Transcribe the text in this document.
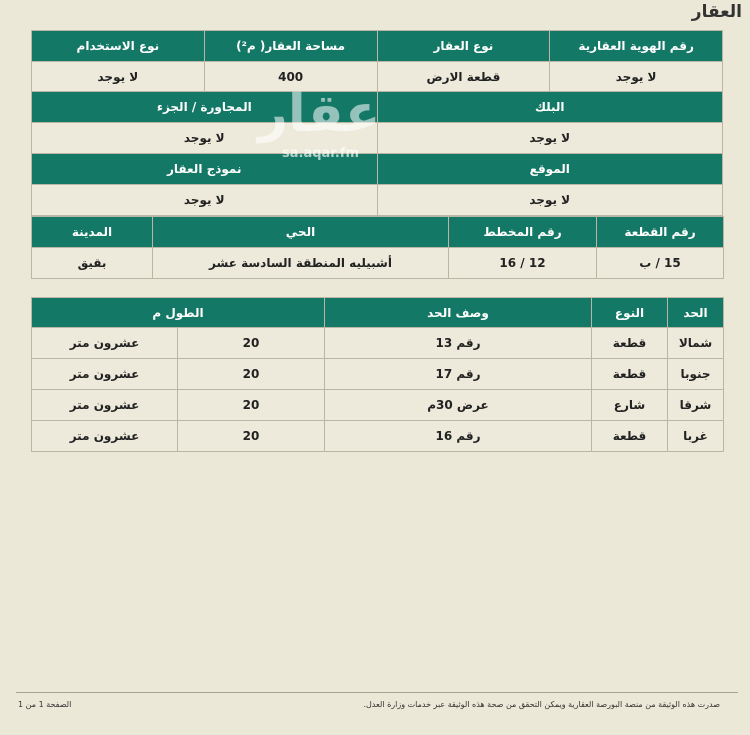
العقار
رقم الهوية العقارية	نوع العقار	مساحة العقار( م²)	نوع الاستخدام
لا يوجد	قطعة الارض	400	لا يوجد
البلك	المجاورة / الجزء
لا يوجد	لا يوجد
الموقع	نموذج العقار
لا يوجد	لا يوجد
رقم القطعة	رقم المخطط	الحي	المدينة
15 / ب	12 / 16	أشبيليه المنطقة السادسة عشر	بقيق
الحد	النوع	وصف الحد	الطول م	
شمالا	قطعة	رقم 13	20	عشرون متر
جنوبا	قطعة	رقم 17	20	عشرون متر
شرقا	شارع	عرض 30م	20	عشرون متر
غربا	قطعة	رقم 16	20	عشرون متر
عقار
sa.aqar.fm
صدرت هذه الوثيقة من منصة البورصة العقارية ويمكن التحقق من صحة هذه الوثيقة عبر خدمات وزارة العدل.
الصفحة 1 من 1
